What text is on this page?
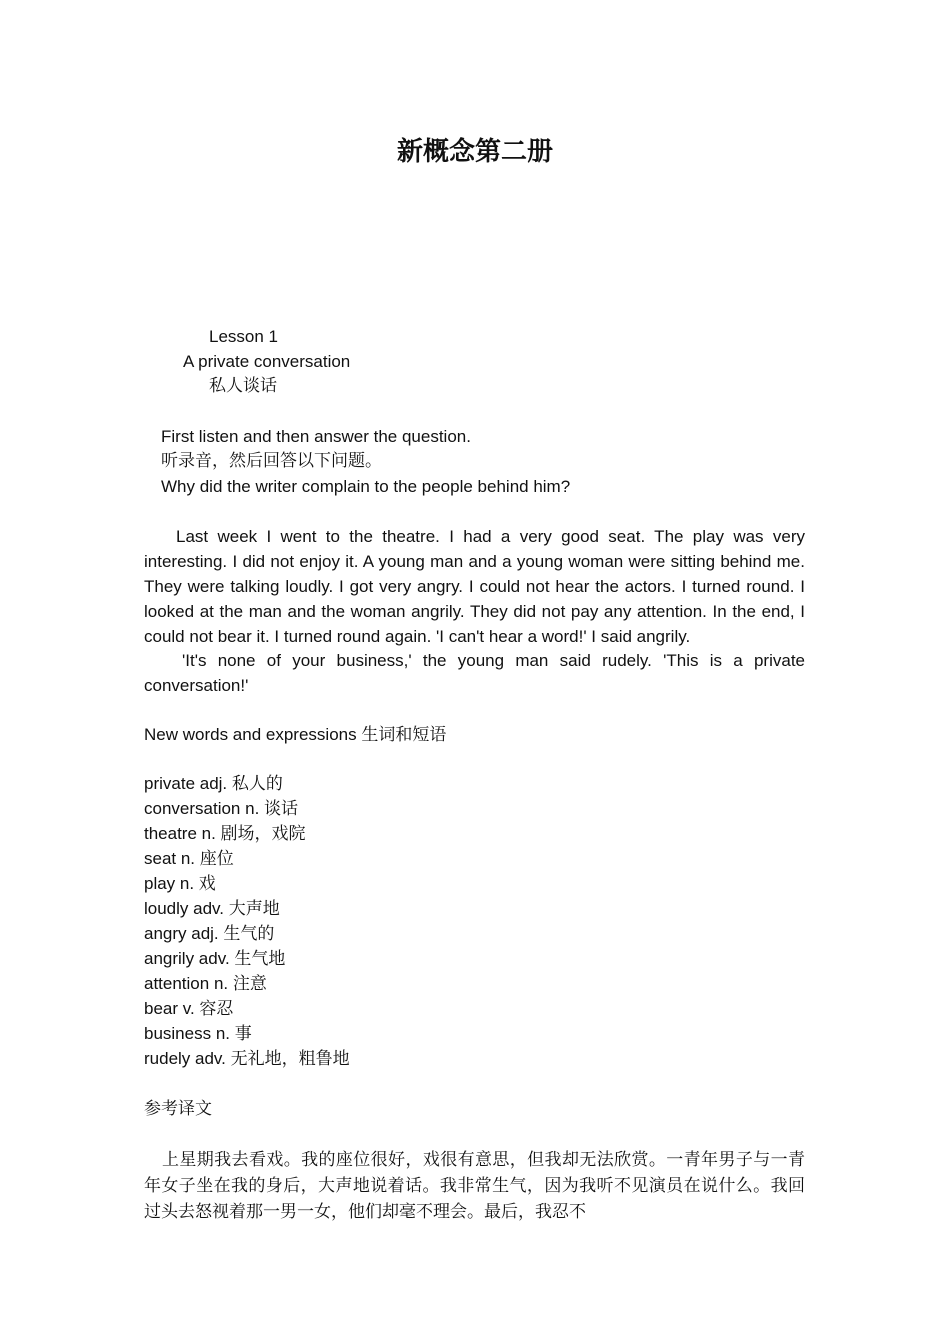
新概念第二册
Lesson 1
A private conversation
私人谈话
First listen and then answer the question.
听录音，然后回答以下问题。
Why did the writer complain to the people behind him?
Last week I went to the theatre. I had a very good seat. The play was very interesting. I did not enjoy it. A young man and a young woman were sitting behind me. They were talking loudly. I got very angry. I could not hear the actors. I turned round. I looked at the man and the woman angrily. They did not pay any attention. In the end, I could not bear it. I turned round again. 'I can't hear a word!' I said angrily.
'It's none of your business,' the young man said rudely. 'This is a private conversation!'
New words and expressions 生词和短语
private adj. 私人的
conversation n. 谈话
theatre n. 剧场，戏院
seat n. 座位
play n. 戏
loudly adv. 大声地
angry adj. 生气的
angrily adv. 生气地
attention n. 注意
bear v. 容忍
business n. 事
rudely adv. 无礼地，粗鲁地
参考译文
上星期我去看戏。我的座位很好，戏很有意思，但我却无法欣赏。一青年男子与一青年女子坐在我的身后，大声地说着话。我非常生气，因为我听不见演员在说什么。我回过头去怒视着那一男一女，他们却毫不理会。最后，我忍不
